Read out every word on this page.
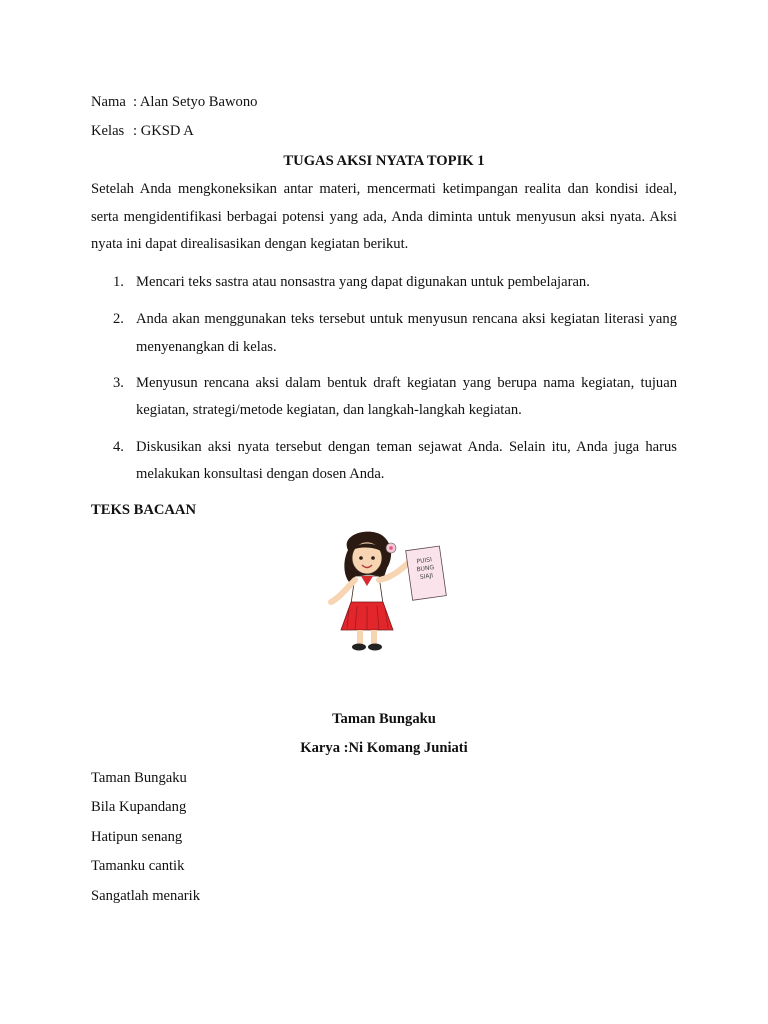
Nama : Alan Setyo Bawono
Kelas : GKSD A
TUGAS AKSI NYATA TOPIK 1
Setelah Anda mengkoneksikan antar materi, mencermati ketimpangan realita dan kondisi ideal,
serta mengidentifikasi berbagai potensi yang ada, Anda diminta untuk menyusun aksi nyata. Aksi
nyata ini dapat direalisasikan dengan kegiatan berikut.
1. Mencari teks sastra atau nonsastra yang dapat digunakan untuk pembelajaran.
2. Anda akan menggunakan teks tersebut untuk menyusun rencana aksi kegiatan literasi yang
menyenangkan di kelas.
3. Menyusun rencana aksi dalam bentuk draft kegiatan yang berupa nama kegiatan, tujuan
kegiatan, strategi/metode kegiatan, dan langkah-langkah kegiatan.
4. Diskusikan aksi nyata tersebut dengan teman sejawat Anda. Selain itu, Anda juga harus
melakukan konsultasi dengan dosen Anda.
TEKS BACAAN
PUISI
BUNG
SIAJI
Taman Bungaku
Karya :Ni Komang Juniati
Taman Bungaku
Bila Kupandang
Hatipun senang
Tamanku cantik
Sangatlah menarik
